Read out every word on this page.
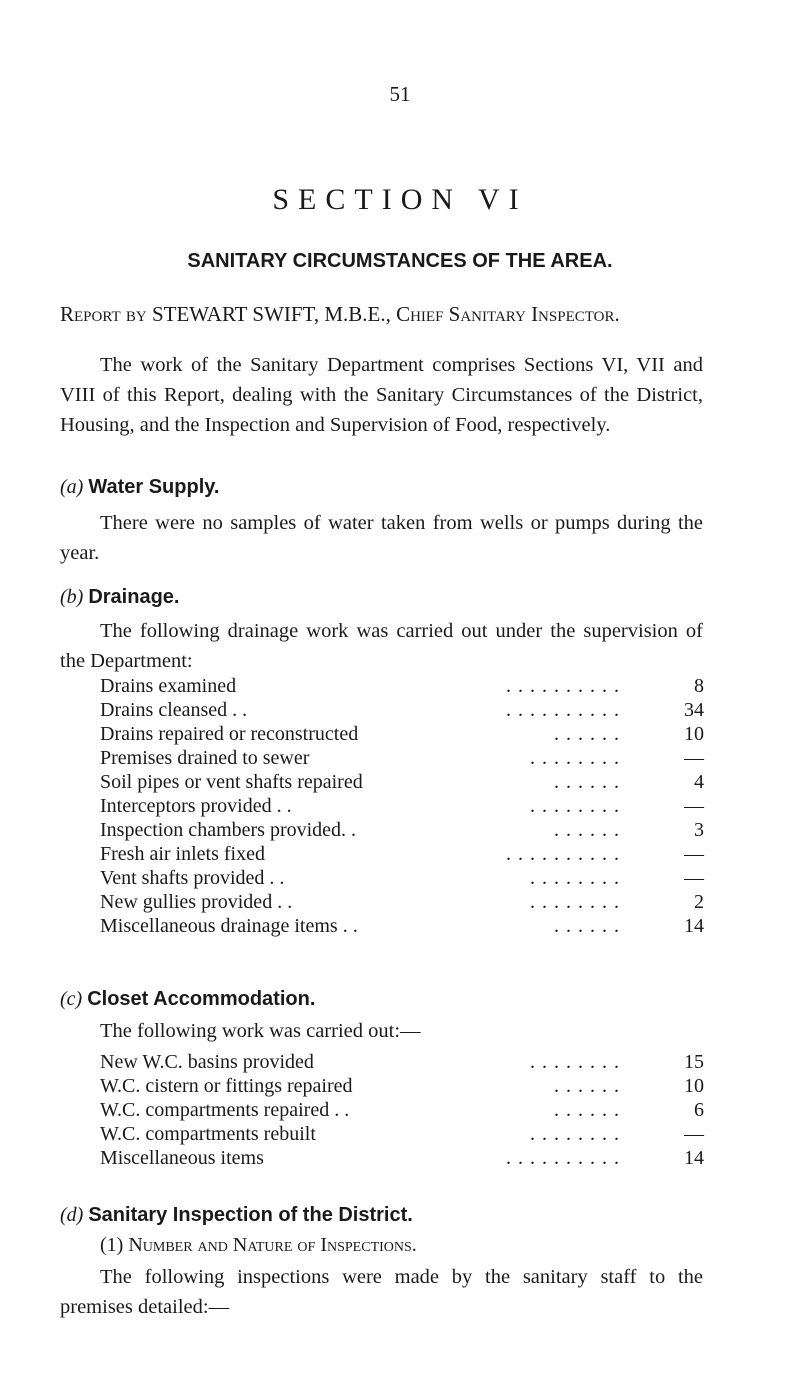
51
SECTION VI
SANITARY CIRCUMSTANCES OF THE AREA.
Report by STEWART SWIFT, M.B.E., Chief Sanitary Inspector.
The work of the Sanitary Department comprises Sections VI, VII and VIII of this Report, dealing with the Sanitary Circumstances of the District, Housing, and the Inspection and Supervision of Food, respectively.
(a) Water Supply.
There were no samples of water taken from wells or pumps during the year.
(b) Drainage.
The following drainage work was carried out under the supervision of the Department:
Drains examined	. . . . . . . . . .	8
Drains cleansed . .	. . . . . . . . . .	34
Drains repaired or reconstructed	. . . . . .	10
Premises drained to sewer	. . . . . . . .	—
Soil pipes or vent shafts repaired	. . . . . .	4
Interceptors provided . .	. . . . . . . .	—
Inspection chambers provided. .	. . . . . .	3
Fresh air inlets fixed	. . . . . . . . . .	—
Vent shafts provided . .	. . . . . . . .	—
New gullies provided . .	. . . . . . . .	2
Miscellaneous drainage items . .	. . . . . .	14
(c) Closet Accommodation.
The following work was carried out:—
New W.C. basins provided	. . . . . . . .	15
W.C. cistern or fittings repaired	. . . . . .	10
W.C. compartments repaired . .	. . . . . .	6
W.C. compartments rebuilt	. . . . . . . .	—
Miscellaneous items	. . . . . . . . . .	14
(d) Sanitary Inspection of the District.
(1) Number and Nature of Inspections.
The following inspections were made by the sanitary staff to the premises detailed:—
